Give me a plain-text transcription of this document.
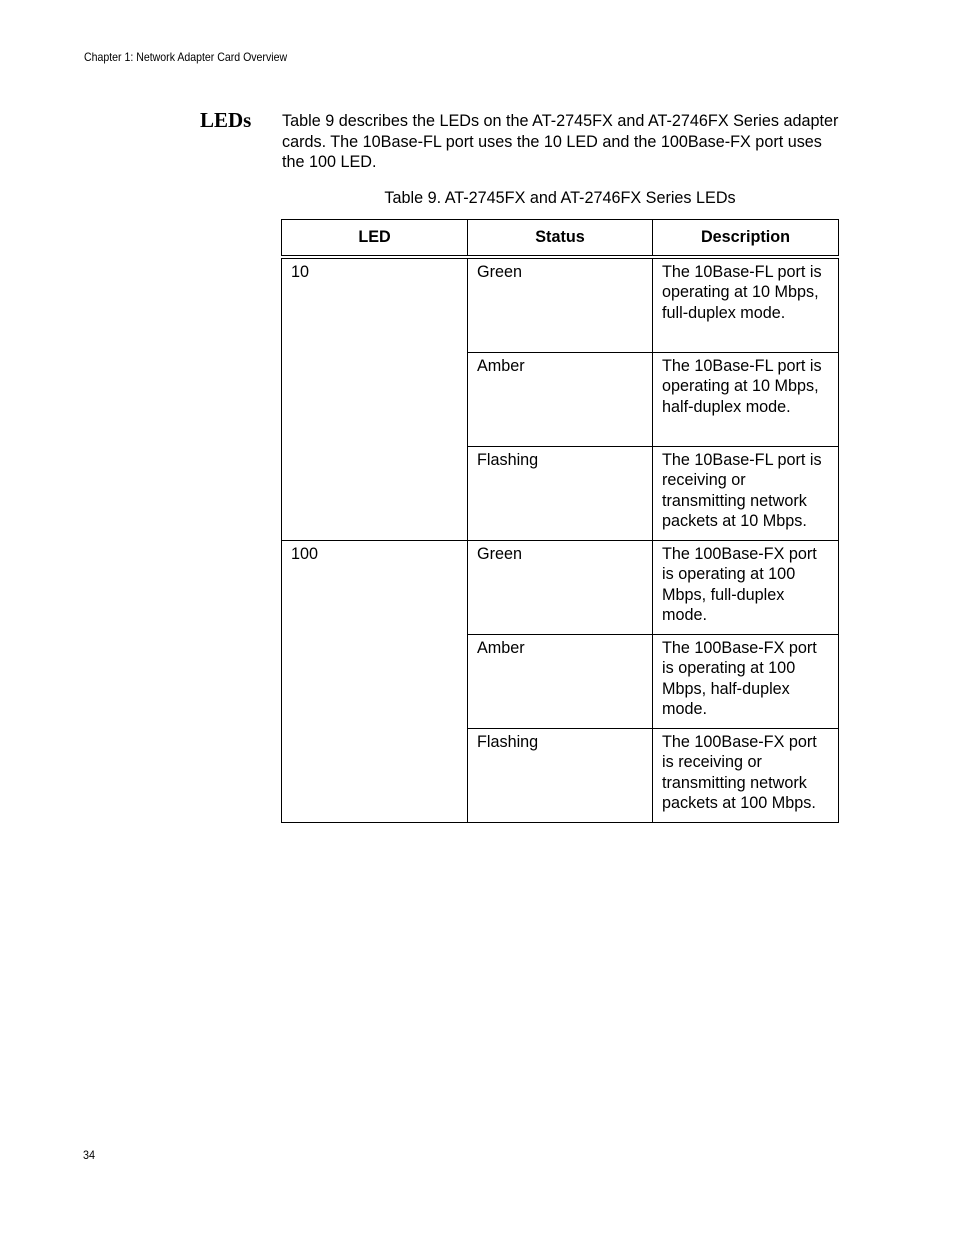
Chapter 1: Network Adapter Card Overview
LEDs Table 9 describes the LEDs on the AT-2745FX and AT-2746FX Series adapter cards. The 10Base-FL port uses the 10 LED and the 100Base-FX port uses the 100 LED.
Table 9. AT-2745FX and AT-2746FX Series LEDs
LED	Status	Description
10	Green	The 10Base-FL port is operating at 10 Mbps, full-duplex mode.
	Amber	The 10Base-FL port is operating at 10 Mbps, half-duplex mode.
	Flashing	The 10Base-FL port is receiving or transmitting network packets at 10 Mbps.
100	Green	The 100Base-FX port is operating at 100 Mbps, full-duplex mode.
	Amber	The 100Base-FX port is operating at 100 Mbps, half-duplex mode.
	Flashing	The 100Base-FX port is receiving or transmitting network packets at 100 Mbps.
34
